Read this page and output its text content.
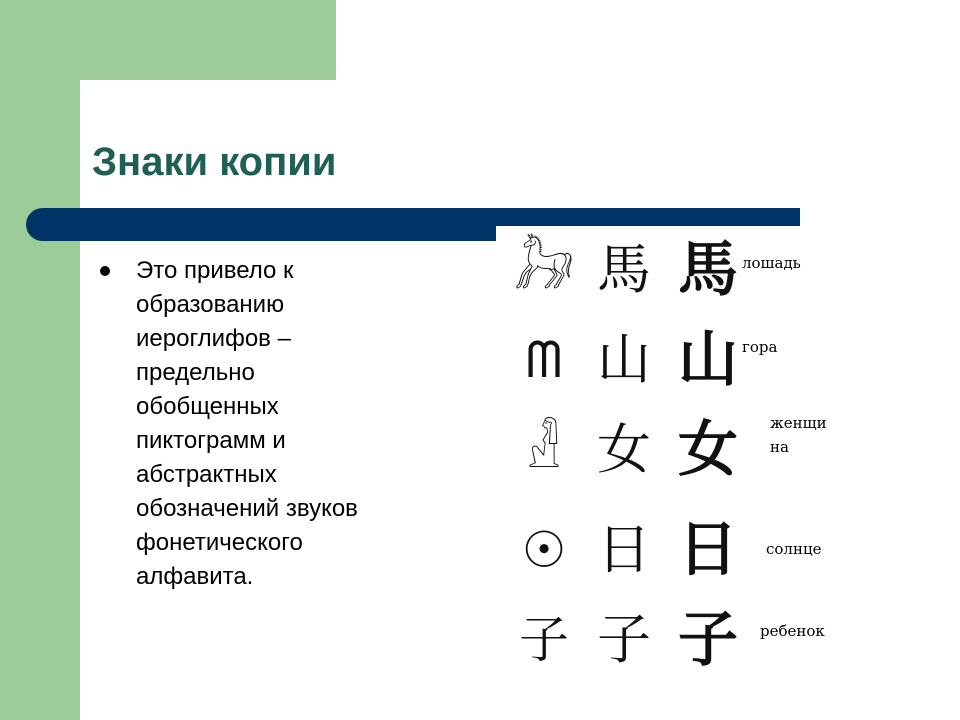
Знаки копии
Это привело к
образованию
иероглифов –
предельно
обобщенных
пиктограмм и
абстрактных
обозначений звуков
фонетического
алфавита.
𓃗 馬 馬 лошадь
ᗰ 山 山 гора
𓁐 女 女	женщи
на
☉ 日 日	солнце
子 子 子	ребенок
